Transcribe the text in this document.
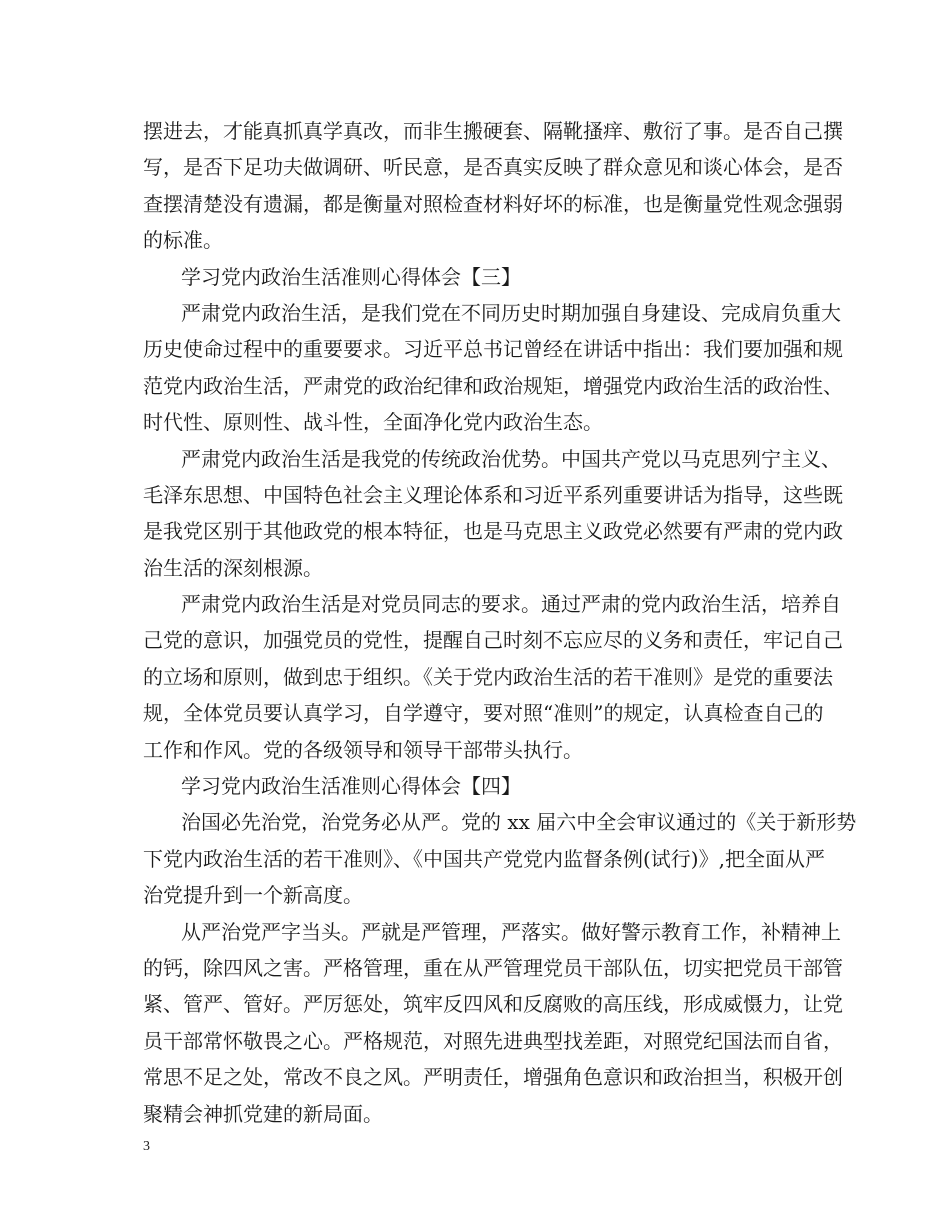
摆进去，才能真抓真学真改，而非生搬硬套、隔靴搔痒、敷衍了事。是否自己撰
写，是否下足功夫做调研、听民意，是否真实反映了群众意见和谈心体会，是否
查摆清楚没有遗漏，都是衡量对照检查材料好坏的标准，也是衡量党性观念强弱
的标准。
学习党内政治生活准则心得体会【三】
严肃党内政治生活，是我们党在不同历史时期加强自身建设、完成肩负重大
历史使命过程中的重要要求。习近平总书记曾经在讲话中指出：我们要加强和规
范党内政治生活，严肃党的政治纪律和政治规矩，增强党内政治生活的政治性、
时代性、原则性、战斗性，全面净化党内政治生态。
严肃党内政治生活是我党的传统政治优势。中国共产党以马克思列宁主义、
毛泽东思想、中国特色社会主义理论体系和习近平系列重要讲话为指导，这些既
是我党区别于其他政党的根本特征，也是马克思主义政党必然要有严肃的党内政
治生活的深刻根源。
严肃党内政治生活是对党员同志的要求。通过严肃的党内政治生活，培养自
己党的意识，加强党员的党性，提醒自己时刻不忘应尽的义务和责任，牢记自己
的立场和原则，做到忠于组织。《关于党内政治生活的若干准则》是党的重要法
规，全体党员要认真学习，自学遵守，要对照“准则”的规定，认真检查自己的
工作和作风。党的各级领导和领导干部带头执行。
学习党内政治生活准则心得体会【四】
治国必先治党，治党务必从严。党的 xx 届六中全会审议通过的《关于新形势
下党内政治生活的若干准则》、《中国共产党党内监督条例(试行)》,把全面从严
治党提升到一个新高度。
从严治党严字当头。严就是严管理，严落实。做好警示教育工作，补精神上
的钙，除四风之害。严格管理，重在从严管理党员干部队伍，切实把党员干部管
紧、管严、管好。严厉惩处，筑牢反四风和反腐败的高压线，形成威慑力，让党
员干部常怀敬畏之心。严格规范，对照先进典型找差距，对照党纪国法而自省，
常思不足之处，常改不良之风。严明责任，增强角色意识和政治担当，积极开创
聚精会神抓党建的新局面。
3
